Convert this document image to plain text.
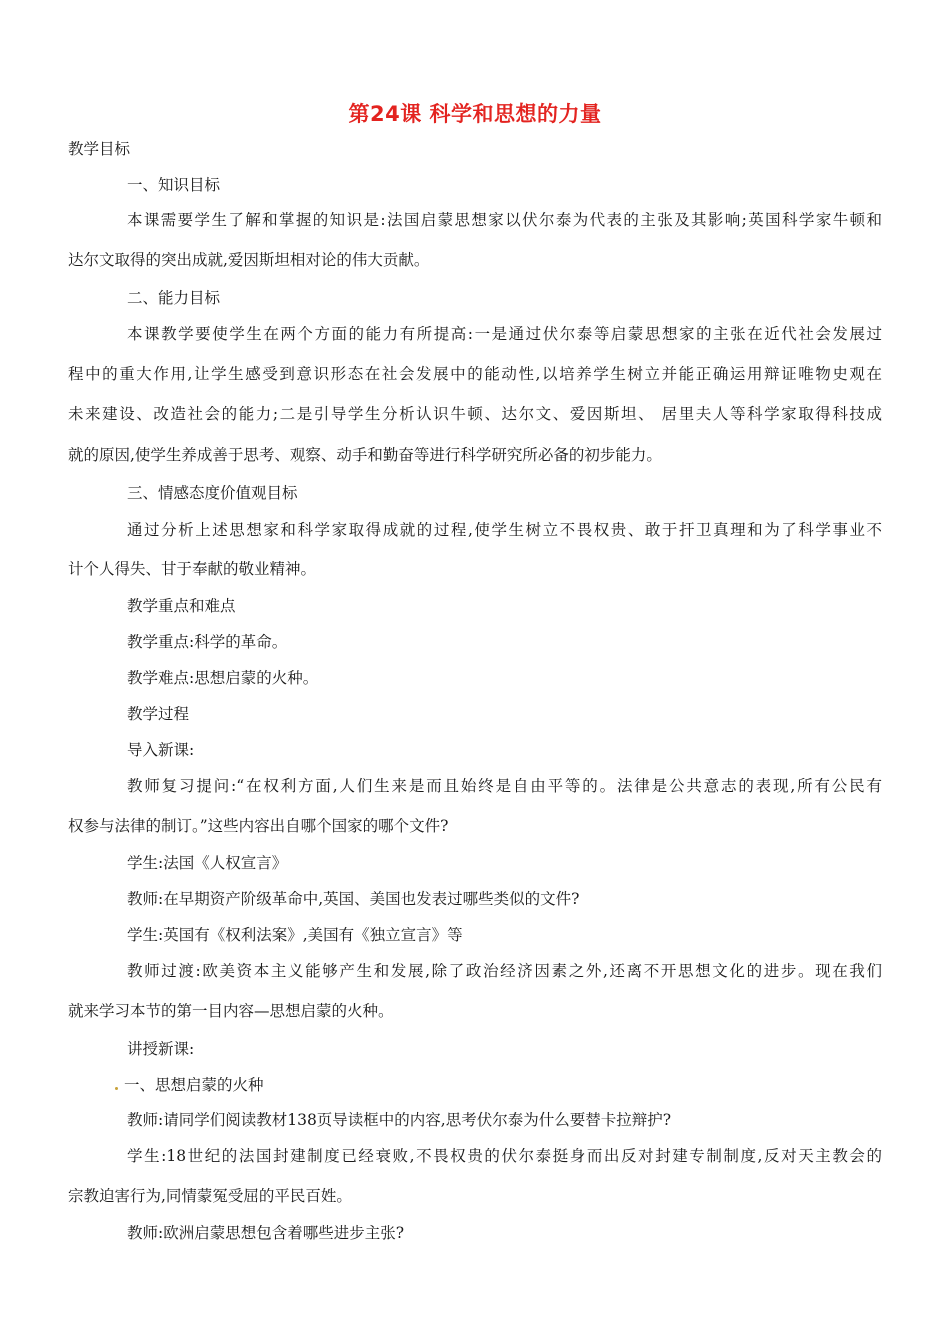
第24课 科学和思想的力量
教学目标
一、知识目标
本课需要学生了解和掌握的知识是:法国启蒙思想家以伏尔泰为代表的主张及其影响;英国科学家牛顿和
达尔文取得的突出成就,爱因斯坦相对论的伟大贡献。
二、能力目标
本课教学要使学生在两个方面的能力有所提高:一是通过伏尔泰等启蒙思想家的主张在近代社会发展过
程中的重大作用,让学生感受到意识形态在社会发展中的能动性,以培养学生树立并能正确运用辩证唯物史观在
未来建设、改造社会的能力;二是引导学生分析认识牛顿、达尔文、爱因斯坦、 居里夫人等科学家取得科技成
就的原因,使学生养成善于思考、观察、动手和勤奋等进行科学研究所必备的初步能力。
三、情感态度价值观目标
通过分析上述思想家和科学家取得成就的过程,使学生树立不畏权贵、敢于扞卫真理和为了科学事业不
计个人得失、甘于奉献的敬业精神。
教学重点和难点
教学重点:科学的革命。
教学难点:思想启蒙的火种。
教学过程
导入新课:
教师复习提问:“在权利方面,人们生来是而且始终是自由平等的。法律是公共意志的表现,所有公民有
权参与法律的制订。”这些内容出自哪个国家的哪个文件?
学生:法国《人权宣言》
教师:在早期资产阶级革命中,英国、美国也发表过哪些类似的文件?
学生:英国有《权利法案》,美国有《独立宣言》等
教师过渡:欧美资本主义能够产生和发展,除了政治经济因素之外,还离不开思想文化的进步。现在我们
就来学习本节的第一目内容—思想启蒙的火种。
讲授新课:
一、思想启蒙的火种
教师:请同学们阅读教材138页导读框中的内容,思考伏尔泰为什么要替卡拉辩护?
学生:18世纪的法国封建制度已经衰败,不畏权贵的伏尔泰挺身而出反对封建专制制度,反对天主教会的
宗教迫害行为,同情蒙冤受屈的平民百姓。
教师:欧洲启蒙思想包含着哪些进步主张?
